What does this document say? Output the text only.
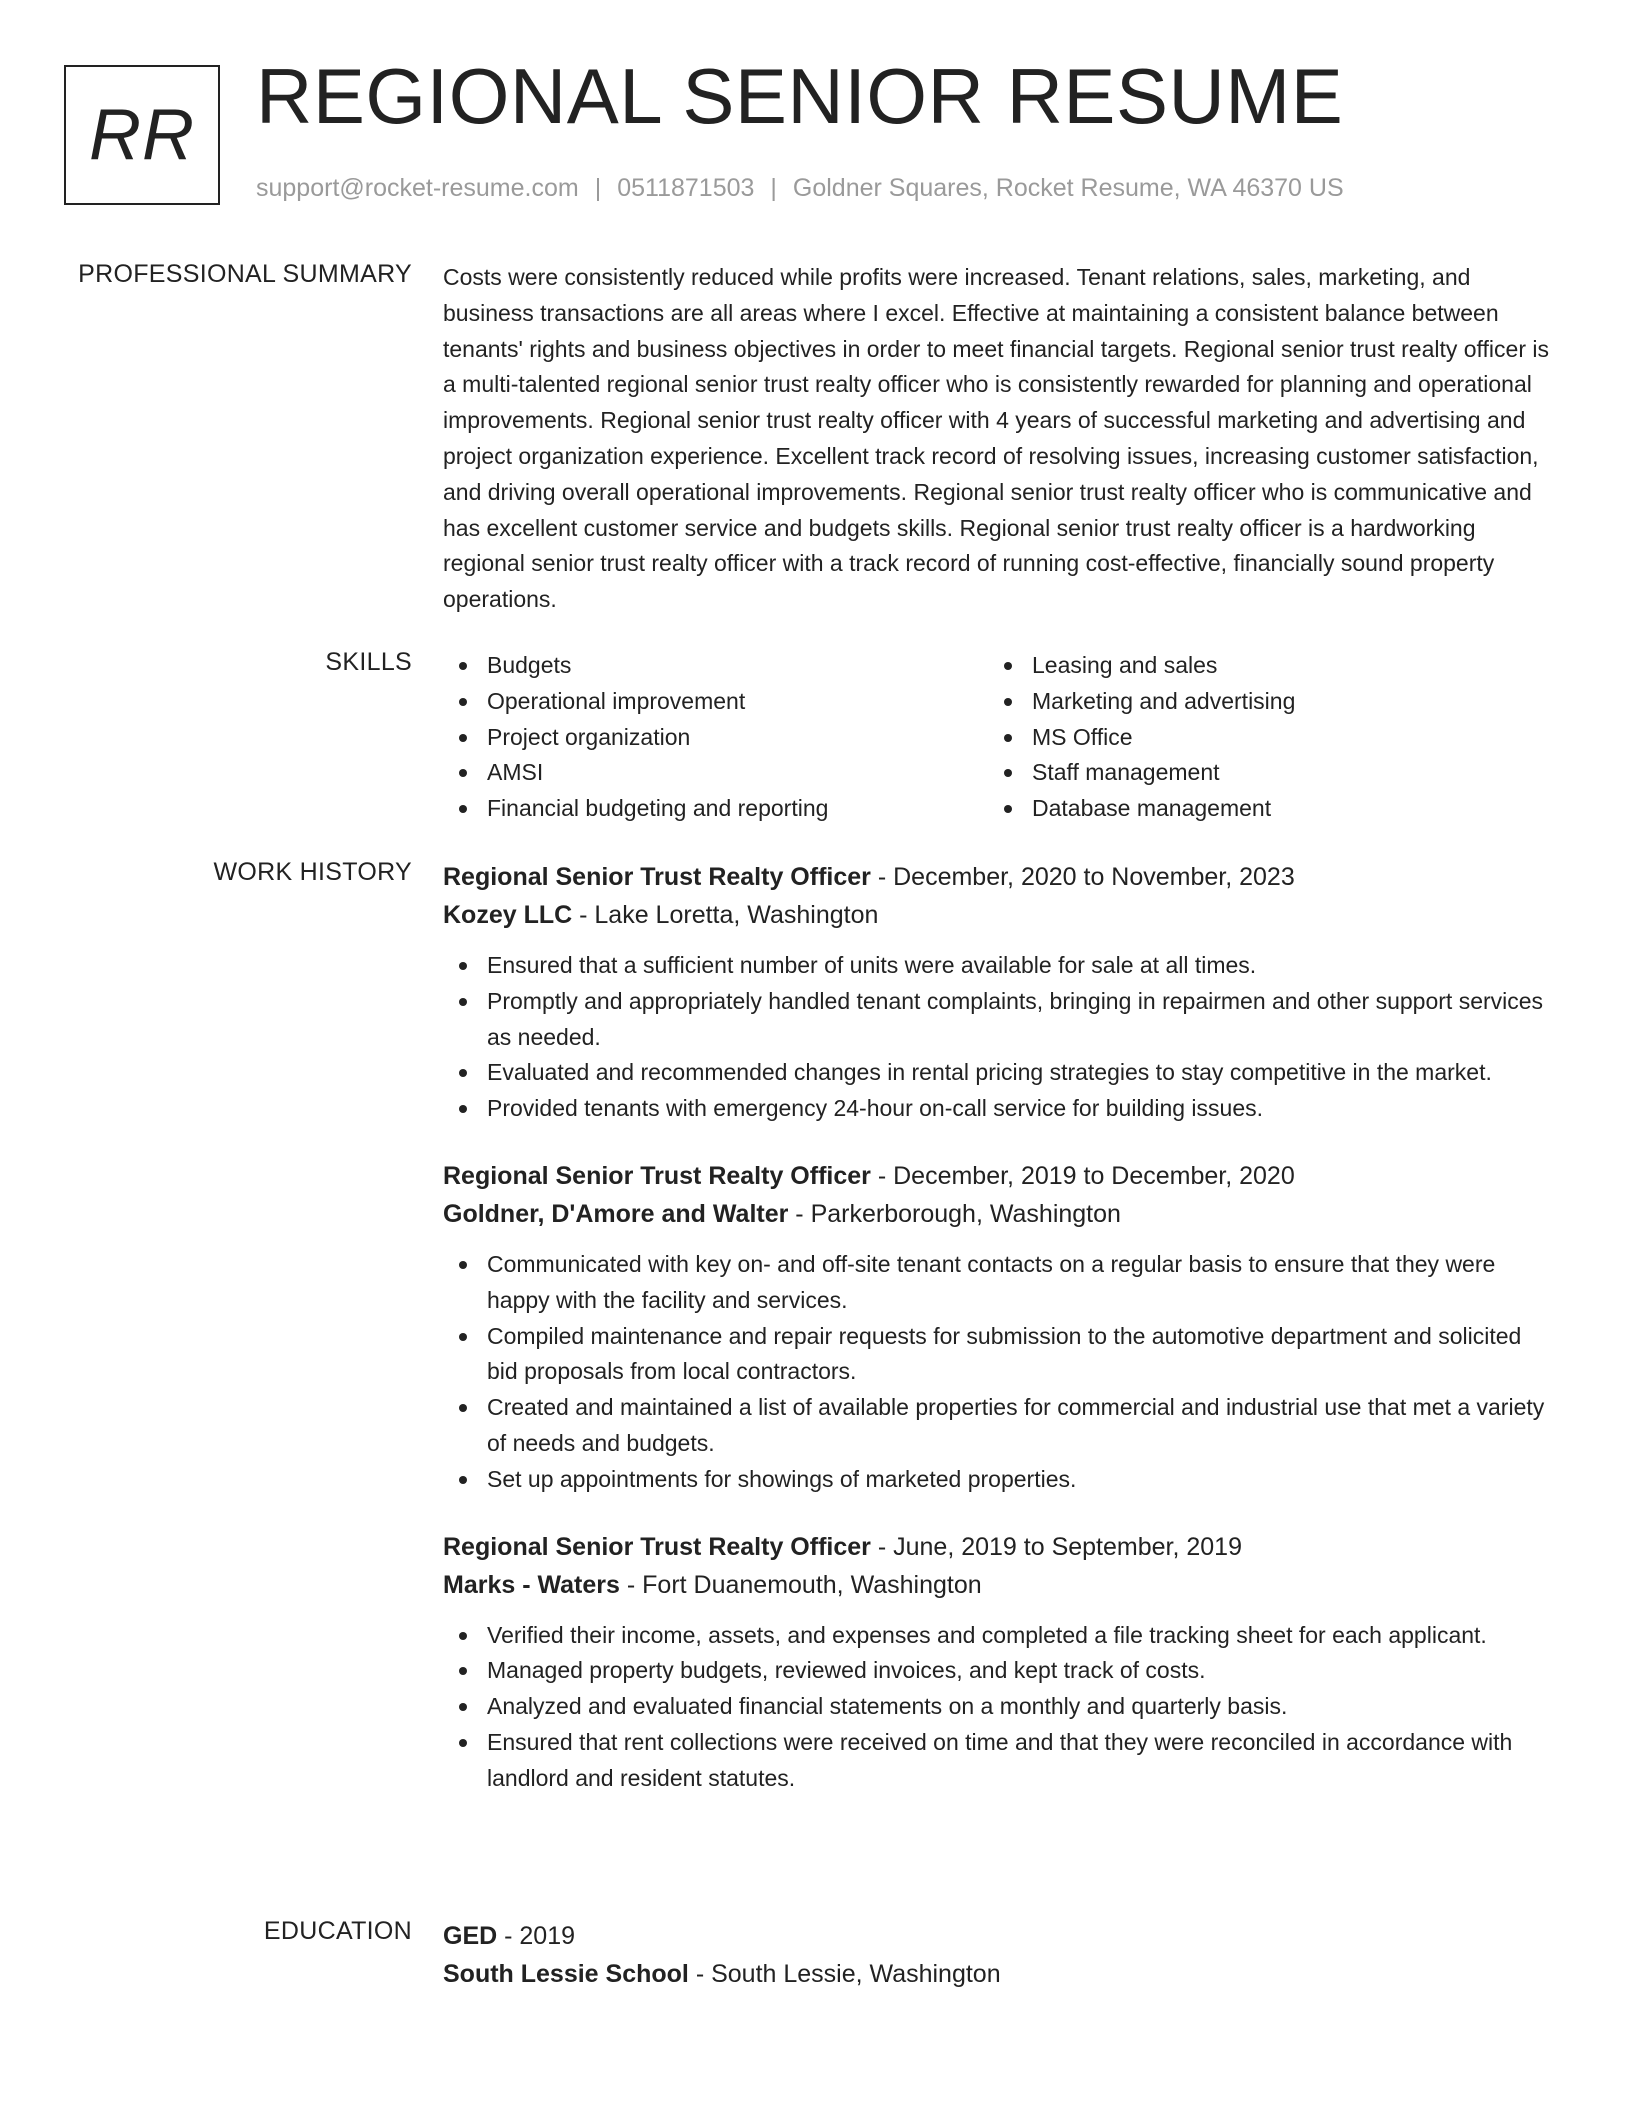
RR REGIONAL SENIOR RESUME
support@rocket-resume.com | 0511871503 | Goldner Squares, Rocket Resume, WA 46370 US
PROFESSIONAL SUMMARY Costs were consistently reduced while profits were increased. Tenant relations, sales, marketing, and business transactions are all areas where I excel. Effective at maintaining a consistent balance between tenants' rights and business objectives in order to meet financial targets. Regional senior trust realty officer is a multi-talented regional senior trust realty officer who is consistently rewarded for planning and operational improvements. Regional senior trust realty officer with 4 years of successful marketing and advertising and project organization experience. Excellent track record of resolving issues, increasing customer satisfaction, and driving overall operational improvements. Regional senior trust realty officer who is communicative and has excellent customer service and budgets skills. Regional senior trust realty officer is a hardworking regional senior trust realty officer with a track record of running cost-effective, financially sound property operations.

SKILLS	Budgets	Leasing and sales
Operational improvement	Marketing and advertising
Project organization	MS Office
AMSI	Staff management
Financial budgeting and reporting	Database management
WORK HISTORY Regional Senior Trust Realty Officer - December, 2020 to November, 2023
Kozey LLC - Lake Loretta, Washington
Ensured that a sufficient number of units were available for sale at all times.
Promptly and appropriately handled tenant complaints, bringing in repairmen and other support services as needed.
Evaluated and recommended changes in rental pricing strategies to stay competitive in the market.
Provided tenants with emergency 24-hour on-call service for building issues.
Regional Senior Trust Realty Officer - December, 2019 to December, 2020
Goldner, D'Amore and Walter - Parkerborough, Washington
Communicated with key on- and off-site tenant contacts on a regular basis to ensure that they were happy with the facility and services.
Compiled maintenance and repair requests for submission to the automotive department and solicited bid proposals from local contractors.
Created and maintained a list of available properties for commercial and industrial use that met a variety of needs and budgets.
Set up appointments for showings of marketed properties.
Regional Senior Trust Realty Officer - June, 2019 to September, 2019
Marks - Waters - Fort Duanemouth, Washington
Verified their income, assets, and expenses and completed a file tracking sheet for each applicant.
Managed property budgets, reviewed invoices, and kept track of costs.
Analyzed and evaluated financial statements on a monthly and quarterly basis.
Ensured that rent collections were received on time and that they were reconciled in accordance with landlord and resident statutes.
EDUCATION GED - 2019
South Lessie School - South Lessie, Washington
